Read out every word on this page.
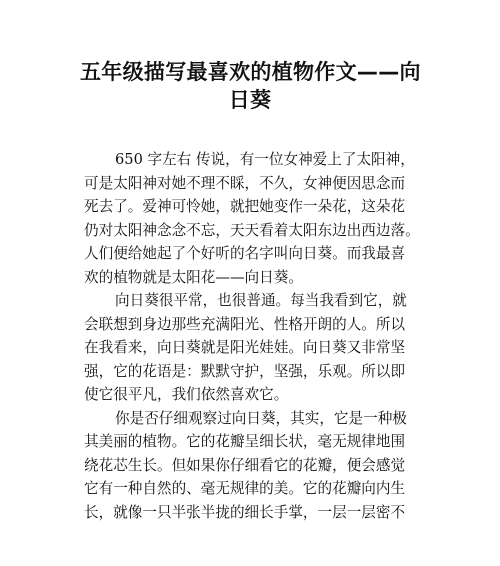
五年级描写最喜欢的植物作文——向
日葵
650 字左右 传说，有一位女神爱上了太阳神，
可是太阳神对她不理不睬，不久，女神便因思念而
死去了。爱神可怜她，就把她变作一朵花，这朵花
仍对太阳神念念不忘，天天看着太阳东边出西边落。
人们便给她起了个好听的名字叫向日葵。而我最喜
欢的植物就是太阳花——向日葵。
向日葵很平常，也很普通。每当我看到它，就
会联想到身边那些充满阳光、性格开朗的人。所以
在我看来，向日葵就是阳光娃娃。向日葵又非常坚
强，它的花语是：默默守护，坚强，乐观。所以即
使它很平凡，我们依然喜欢它。
你是否仔细观察过向日葵，其实，它是一种极
其美丽的植物。它的花瓣呈细长状，毫无规律地围
绕花芯生长。但如果你仔细看它的花瓣，便会感觉
它有一种自然的、毫无规律的美。它的花瓣向内生
长，就像一只半张半拢的细长手掌，一层一层密不
